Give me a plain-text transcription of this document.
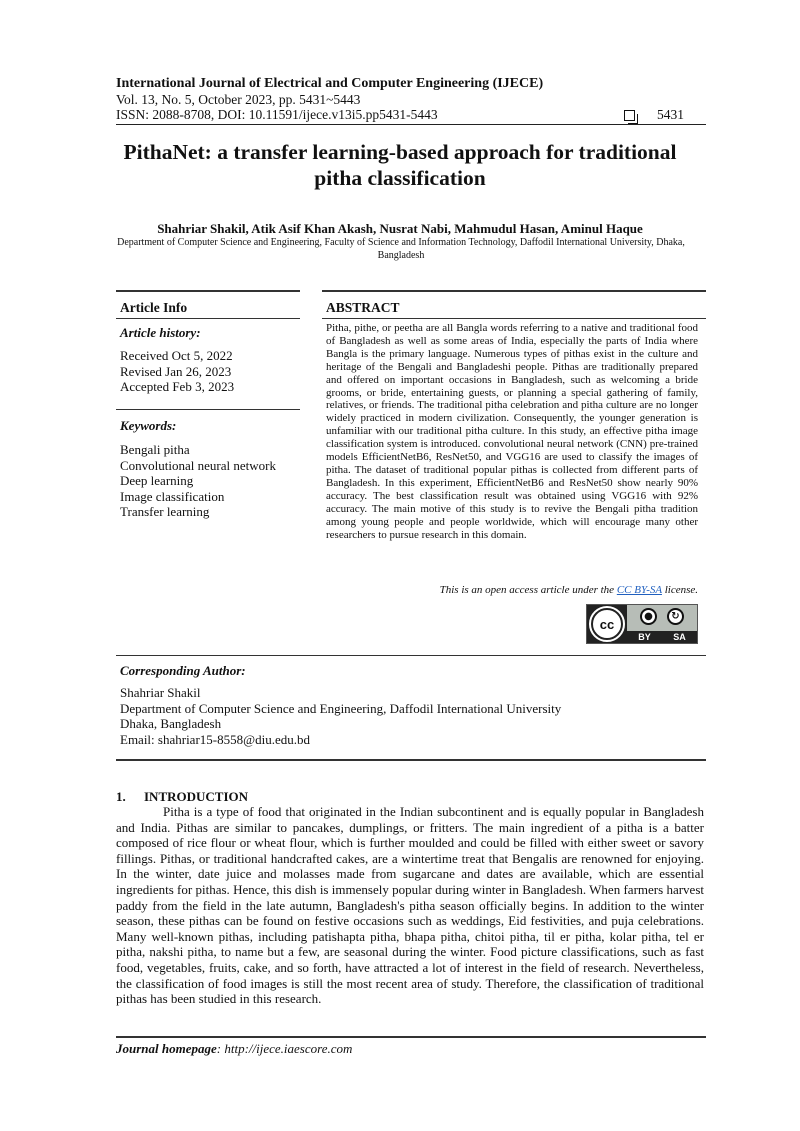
International Journal of Electrical and Computer Engineering (IJECE)
Vol. 13, No. 5, October 2023, pp. 5431~5443
ISSN: 2088-8708, DOI: 10.11591/ijece.v13i5.pp5431-5443	5431
PithaNet: a transfer learning-based approach for traditional pitha classification
Shahriar Shakil, Atik Asif Khan Akash, Nusrat Nabi, Mahmudul Hasan, Aminul Haque
Department of Computer Science and Engineering, Faculty of Science and Information Technology, Daffodil International University, Dhaka, Bangladesh
Article Info	ABSTRACT
Article history:
Received Oct 5, 2022
Revised Jan 26, 2023
Accepted Feb 3, 2023
Keywords:
Bengali pitha
Convolutional neural network
Deep learning
Image classification
Transfer learning
Pitha, pithe, or peetha are all Bangla words referring to a native and traditional food of Bangladesh as well as some areas of India, especially the parts of India where Bangla is the primary language. Numerous types of pithas exist in the culture and heritage of the Bengali and Bangladeshi people. Pithas are traditionally prepared and offered on important occasions in Bangladesh, such as welcoming a bride grooms, or bride, entertaining guests, or planning a special gathering of family, relatives, or friends. The traditional pitha celebration and pitha culture are no longer widely practiced in modern civilization. Consequently, the younger generation is unfamiliar with our traditional pitha culture. In this study, an effective pitha image classification system is introduced. convolutional neural network (CNN) pre-trained models EfficientNetB6, ResNet50, and VGG16 are used to classify the images of pitha. The dataset of traditional popular pithas is collected from different parts of Bangladesh. In this experiment, EfficientNetB6 and ResNet50 show nearly 90% accuracy. The best classification result was obtained using VGG16 with 92% accuracy. The main motive of this study is to revive the Bengali pitha tradition among young people and people worldwide, which will encourage many other researchers to pursue research in this domain.
This is an open access article under the CC BY-SA license.
cc	●	↻
BY SA
Corresponding Author:
Shahriar Shakil
Department of Computer Science and Engineering, Daffodil International University
Dhaka, Bangladesh
Email: shahriar15-8558@diu.edu.bd
1. INTRODUCTION
Pitha is a type of food that originated in the Indian subcontinent and is equally popular in Bangladesh and India. Pithas are similar to pancakes, dumplings, or fritters. The main ingredient of a pitha is a batter composed of rice flour or wheat flour, which is further moulded and could be filled with either sweet or savory fillings. Pithas, or traditional handcrafted cakes, are a wintertime treat that Bengalis are renowned for enjoying. In the winter, date juice and molasses made from sugarcane and dates are available, which are essential ingredients for pithas. Hence, this dish is immensely popular during winter in Bangladesh. When farmers harvest paddy from the field in the late autumn, Bangladesh's pitha season officially begins. In addition to the winter season, these pithas can be found on festive occasions such as weddings, Eid festivities, and puja celebrations. Many well-known pithas, including patishapta pitha, bhapa pitha, chitoi pitha, til er pitha, kolar pitha, tel er pitha, nakshi pitha, to name but a few, are seasonal during the winter. Food picture classifications, such as fast food, vegetables, fruits, cake, and so forth, have attracted a lot of interest in the field of research. Nevertheless, the classification of food images is still the most recent area of study. Therefore, the classification of traditional pithas has been studied in this research.
Journal homepage: http://ijece.iaescore.com
